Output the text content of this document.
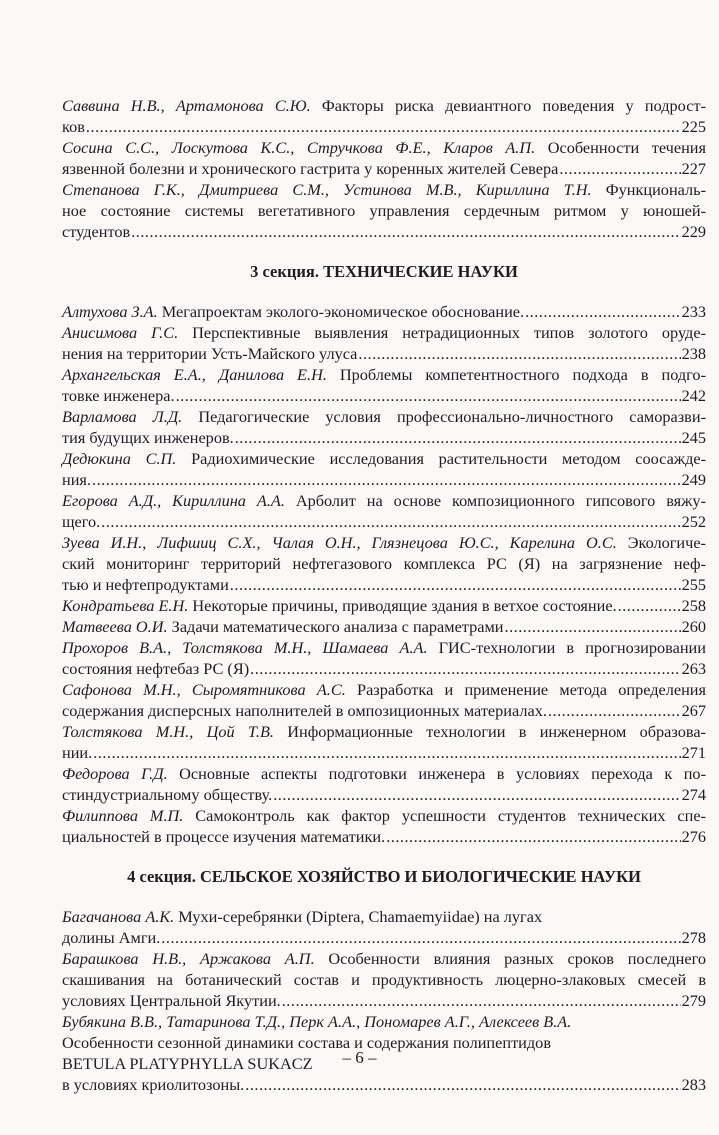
Саввина Н.В., Артамонова С.Ю. Факторы риска девиантного поведения у подрост-
ков .....	225
Сосина С.С., Лоскутова К.С., Стручкова Ф.Е., Кларов А.П. Особенности течения
язвенной болезни и хронического гастрита у коренных жителей Севера .....	227
Степанова Г.К., Дмитриева С.М., Устинова М.В., Кириллина Т.Н. Функциональ-
ное состояние системы вегетативного управления сердечным ритмом у юношей-
студентов .....	229
3 секция. ТЕХНИЧЕСКИЕ НАУКИ
Алтухова З.А.
Мегапроектам эколого-экономическое обоснование. .....	233
Анисимова Г.С. Перспективные выявления нетрадиционных типов золотого оруде-
нения на территории Усть-Майского улуса .....	238
Архангельская Е.А., Данилова Е.Н. Проблемы компетентностного подхода в подго-
товке инженера. .....	242
Варламова Л.Д. Педагогические условия профессионально-личностного саморазви-
тия будущих инженеров. .....	245
Дедюкина С.П. Радиохимические исследования растительности методом соосажде-
ния. .....	249
Егорова А.Д., Кириллина А.А. Арболит на основе композиционного гипсового вяжу-
щего. .....	252
Зуева И.Н., Лифшиц С.Х., Чалая О.Н., Глязнецова Ю.С., Карелина О.С. Экологиче-
ский мониторинг территорий нефтегазового комплекса РС (Я) на загрязнение неф-
тью и нефтепродуктами .....	255
Кондратьева Е.Н.
Некоторые причины, приводящие здания в ветхое состояние. .....	258
Матвеева О.И.
Задачи математического анализа с параметрами .....	260
Прохоров В.А., Толстякова М.Н., Шамаева А.А. ГИС-технологии в прогнозировании
состояния нефтебаз РС (Я) .....	263
Сафонова М.Н., Сыромятникова А.С. Разработка и применение метода определения
содержания дисперсных наполнителей в омпозиционных материалах. .....	267
Толстякова М.Н., Цой Т.В. Информационные технологии в инженерном образова-
нии. .....	271
Федорова Г.Д. Основные аспекты подготовки инженера в условиях перехода к по-
стиндустриальному обществу. .....	274
Филиппова М.П. Самоконтроль как фактор успешности студентов технических спе-
циальностей в процессе изучения математики. .....	276
4 секция. СЕЛЬСКОЕ ХОЗЯЙСТВО И БИОЛОГИЧЕСКИЕ НАУКИ
Багачанова А.К. Мухи-серебрянки (Diptera, Chamaemyiidae) на лугах
долины Амги. .....	278
Барашкова Н.В., Аржакова А.П. Особенности влияния разных сроков последнего
скашивания на ботанический состав и продуктивность люцерно-злаковых смесей в
условиях Центральной Якутии. .....	279
Бубякина В.В., Татаринова Т.Д., Перк А.А., Пономарев А.Г., Алексеев В.А.
Особенности сезонной динамики состава и содержания полипептидов
BETULA PLATYPHYLLA SUKACZ
в условиях криолитозоны. .....	283
– 6 –
